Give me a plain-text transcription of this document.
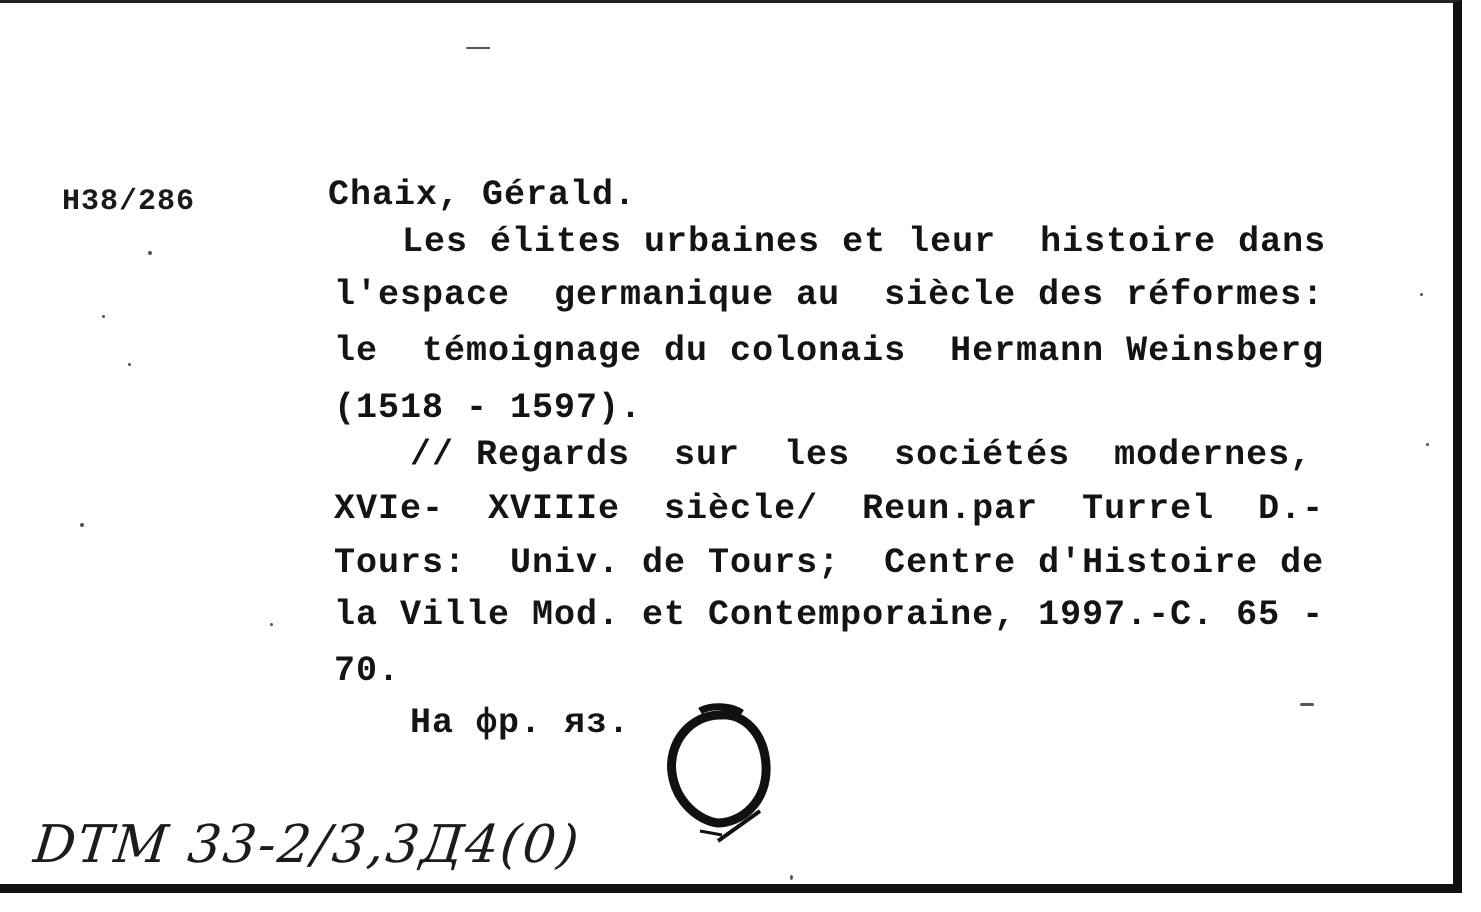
H38/286	Chaix, Gérald.
Les élites urbaines et leur  histoire dans
l'espace  germanique au  siècle des réformes:
le  témoignage du colonais  Hermann Weinsberg
(1518 - 1597).
// Regards  sur  les  sociétés  modernes,
XVIe-  XVIIIe  siècle/  Reun.par  Turrel  D.-
Tours:  Univ. de Tours;  Centre d'Histoire de
la Ville Mod. et Contemporaine, 1997.-C. 65 -
70.
На фр. яз.
DTM 33-2/3,3Д4(0)
